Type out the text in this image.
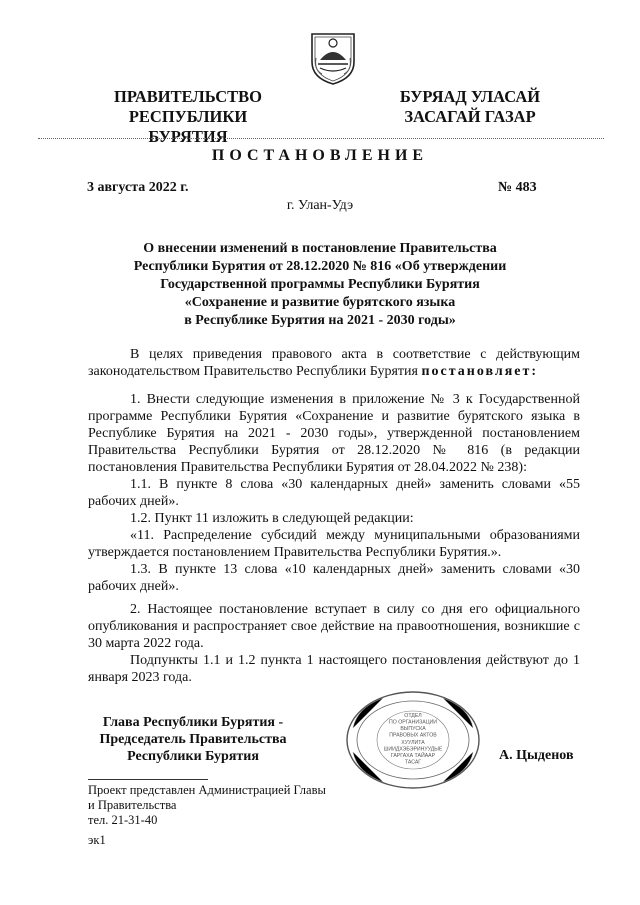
ПРАВИТЕЛЬСТВО
РЕСПУБЛИКИ БУРЯТИЯ
БУРЯАД УЛАСАЙ
ЗАСАГАЙ ГАЗАР
ПОСТАНОВЛЕНИЕ
3 августа 2022 г.	№ 483
г. Улан-Удэ
О внесении изменений в постановление Правительства
Республики Бурятия от 28.12.2020 № 816 «Об утверждении
Государственной программы Республики Бурятия
«Сохранение и развитие бурятского языка
в Республике Бурятия на 2021 - 2030 годы»

В целях приведения правового акта в соответствие с действующим законодательством Правительство Республики Бурятия постановляет:

1. Внести следующие изменения в приложение № 3 к Государственной программе Республики Бурятия «Сохранение и развитие бурятского языка в Республике Бурятия на 2021 - 2030 годы», утвержденной постановлением Правительства Республики Бурятия от 28.12.2020 № 816 (в редакции постановления Правительства Республики Бурятия от 28.04.2022 № 238):

1.1. В пункте 8 слова «30 календарных дней» заменить словами «55 рабочих дней».

1.2. Пункт 11 изложить в следующей редакции:

«11. Распределение субсидий между муниципальными образованиями утверждается постановлением Правительства Республики Бурятия.».

1.3. В пункте 13 слова «10 календарных дней» заменить словами «30 рабочих дней».

2. Настоящее постановление вступает в силу со дня его официального опубликования и распространяет свое действие на правоотношения, возникшие с 30 марта 2022 года.

Подпункты 1.1 и 1.2 пункта 1 настоящего постановления действуют до 1 января 2023 года.

ОТДЕЛ
ПО ОРГАНИЗАЦИИ
ВЫПУСКА
ПРАВОВЫХ АКТОВ
ХУУЛИТА
ШИИДХЭБЭРИНУУДЫЕ
ГАРГАХА ТАЙААР
ТАСАГ
Глава Республики Бурятия -
Председатель Правительства
Республики Бурятия	А. Цыденов
Проект представлен Администрацией Главы
и Правительства
тел. 21-31-40
эк1
